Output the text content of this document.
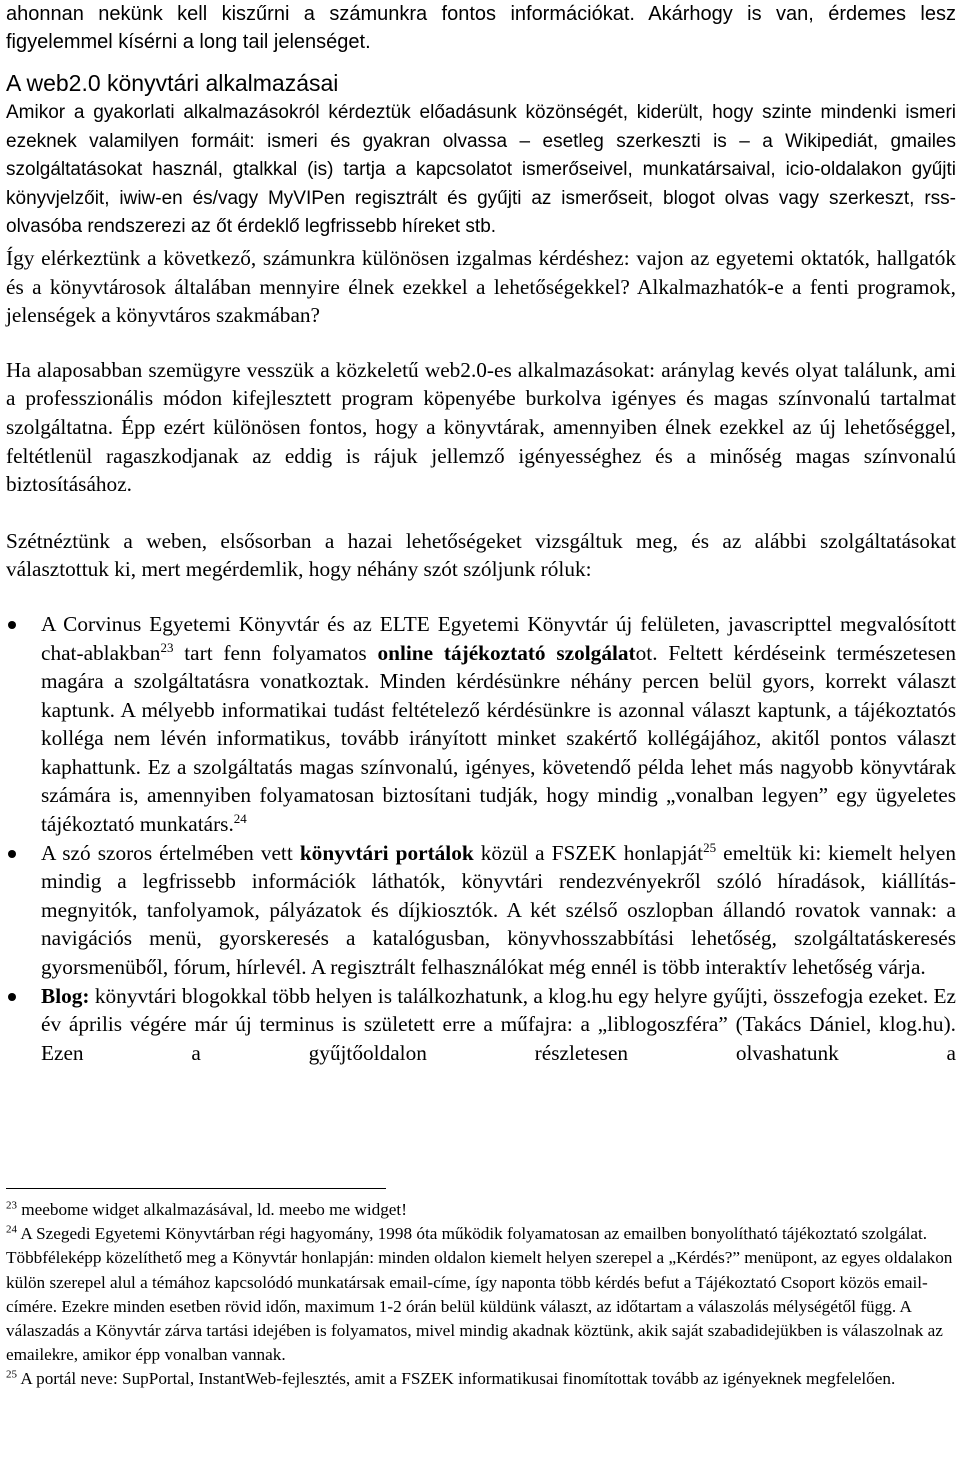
ahonnan nekünk kell kiszűrni a számunkra fontos információkat. Akárhogy is van, érdemes lesz figyelemmel kísérni a long tail jelenséget.

A web2.0 könyvtári alkalmazásai

Amikor a gyakorlati alkalmazásokról kérdeztük előadásunk közönségét, kiderült, hogy szinte mindenki ismeri ezeknek valamilyen formáit: ismeri és gyakran olvassa – esetleg szerkeszti is – a Wikipediát, gmailes szolgáltatásokat használ, gtalkkal (is) tartja a kapcsolatot ismerőseivel, munkatársaival, icio-oldalakon gyűjti könyvjelzőit, iwiw-en és/vagy MyVIPen regisztrált és gyűjti az ismerőseit, blogot olvas vagy szerkeszt, rss-olvasóba rendszerezi az őt érdeklő legfrissebb híreket stb.

Így elérkeztünk a következő, számunkra különösen izgalmas kérdéshez: vajon az egyetemi oktatók, hallgatók és a könyvtárosok általában mennyire élnek ezekkel a lehetőségekkel? Alkalmazhatók-e a fenti programok, jelenségek a könyvtáros szakmában?

Ha alaposabban szemügyre vesszük a közkeletű web2.0-es alkalmazásokat: aránylag kevés olyat találunk, ami a professzionális módon kifejlesztett program köpenyébe burkolva igényes és magas színvonalú tartalmat szolgáltatna. Épp ezért különösen fontos, hogy a könyvtárak, amennyiben élnek ezekkel az új lehetőséggel, feltétlenül ragaszkodjanak az eddig is rájuk jellemző igényességhez és a minőség magas színvonalú biztosításához.

Szétnéztünk a weben, elsősorban a hazai lehetőségeket vizsgáltuk meg, és az alábbi szolgáltatásokat választottuk ki, mert megérdemlik, hogy néhány szót szóljunk róluk:

A Corvinus Egyetemi Könyvtár és az ELTE Egyetemi Könyvtár új felületen, javascripttel megvalósított chat-ablakban$^{23}$ tart fenn folyamatos online tájékoztató szolgálatot. Feltett kérdéseink természetesen magára a szolgáltatásra vonatkoztak. Minden kérdésünkre néhány percen belül gyors, korrekt választ kaptunk. A mélyebb informatikai tudást feltételező kérdésünkre is azonnal választ kaptunk, a tájékoztatós kolléga nem lévén informatikus, tovább irányított minket szakértő kollégájához, akitől pontos választ kaphattunk. Ez a szolgáltatás magas színvonalú, igényes, követendő példa lehet más nagyobb könyvtárak számára is, amennyiben folyamatosan biztosítani tudják, hogy mindig „vonalban legyen” egy ügyeletes tájékoztató munkatárs.$^{24}$
A szó szoros értelmében vett könyvtári portálok közül a FSZEK honlapját$^{25}$ emeltük ki: kiemelt helyen mindig a legfrissebb információk láthatók, könyvtári rendezvényekről szóló híradások, kiállítás-megnyitók, tanfolyamok, pályázatok és díjkiosztók. A két szélső oszlopban állandó rovatok vannak: a navigációs menü, gyorskeresés a katalógusban, könyvhosszabbítási lehetőség, szolgáltatáskeresés gyorsmenüből, fórum, hírlevél. A regisztrált felhasználókat még ennél is több interaktív lehetőség várja.
Blog: könyvtári blogokkal több helyen is találkozhatunk, a klog.hu egy helyre gyűjti, összefogja ezeket. Ez év április végére már új terminus is született erre a műfajra: a „liblogoszféra” (Takács Dániel, klog.hu). Ezen a gyűjtőoldalon részletesen olvashatunk a

$^{23}$ meebome widget alkalmazásával, ld. meebo me widget!

$^{24}$ A Szegedi Egyetemi Könyvtárban régi hagyomány, 1998 óta működik folyamatosan az emailben bonyolítható tájékoztató szolgálat. Többféleképp közelíthető meg a Könyvtár honlapján: minden oldalon kiemelt helyen szerepel a „Kérdés?” menüpont, az egyes oldalakon külön szerepel alul a témához kapcsolódó munkatársak email-címe, így naponta több kérdés befut a Tájékoztató Csoport közös email-címére. Ezekre minden esetben rövid időn, maximum 1-2 órán belül küldünk választ, az időtartam a válaszolás mélységétől függ. A válaszadás a Könyvtár zárva tartási idejében is folyamatos, mivel mindig akadnak köztünk, akik saját szabadidejükben is válaszolnak az emailekre, amikor épp vonalban vannak.

$^{25}$ A portál neve: SupPortal, InstantWeb-fejlesztés, amit a FSZEK informatikusai finomítottak tovább az igényeknek megfelelően.
